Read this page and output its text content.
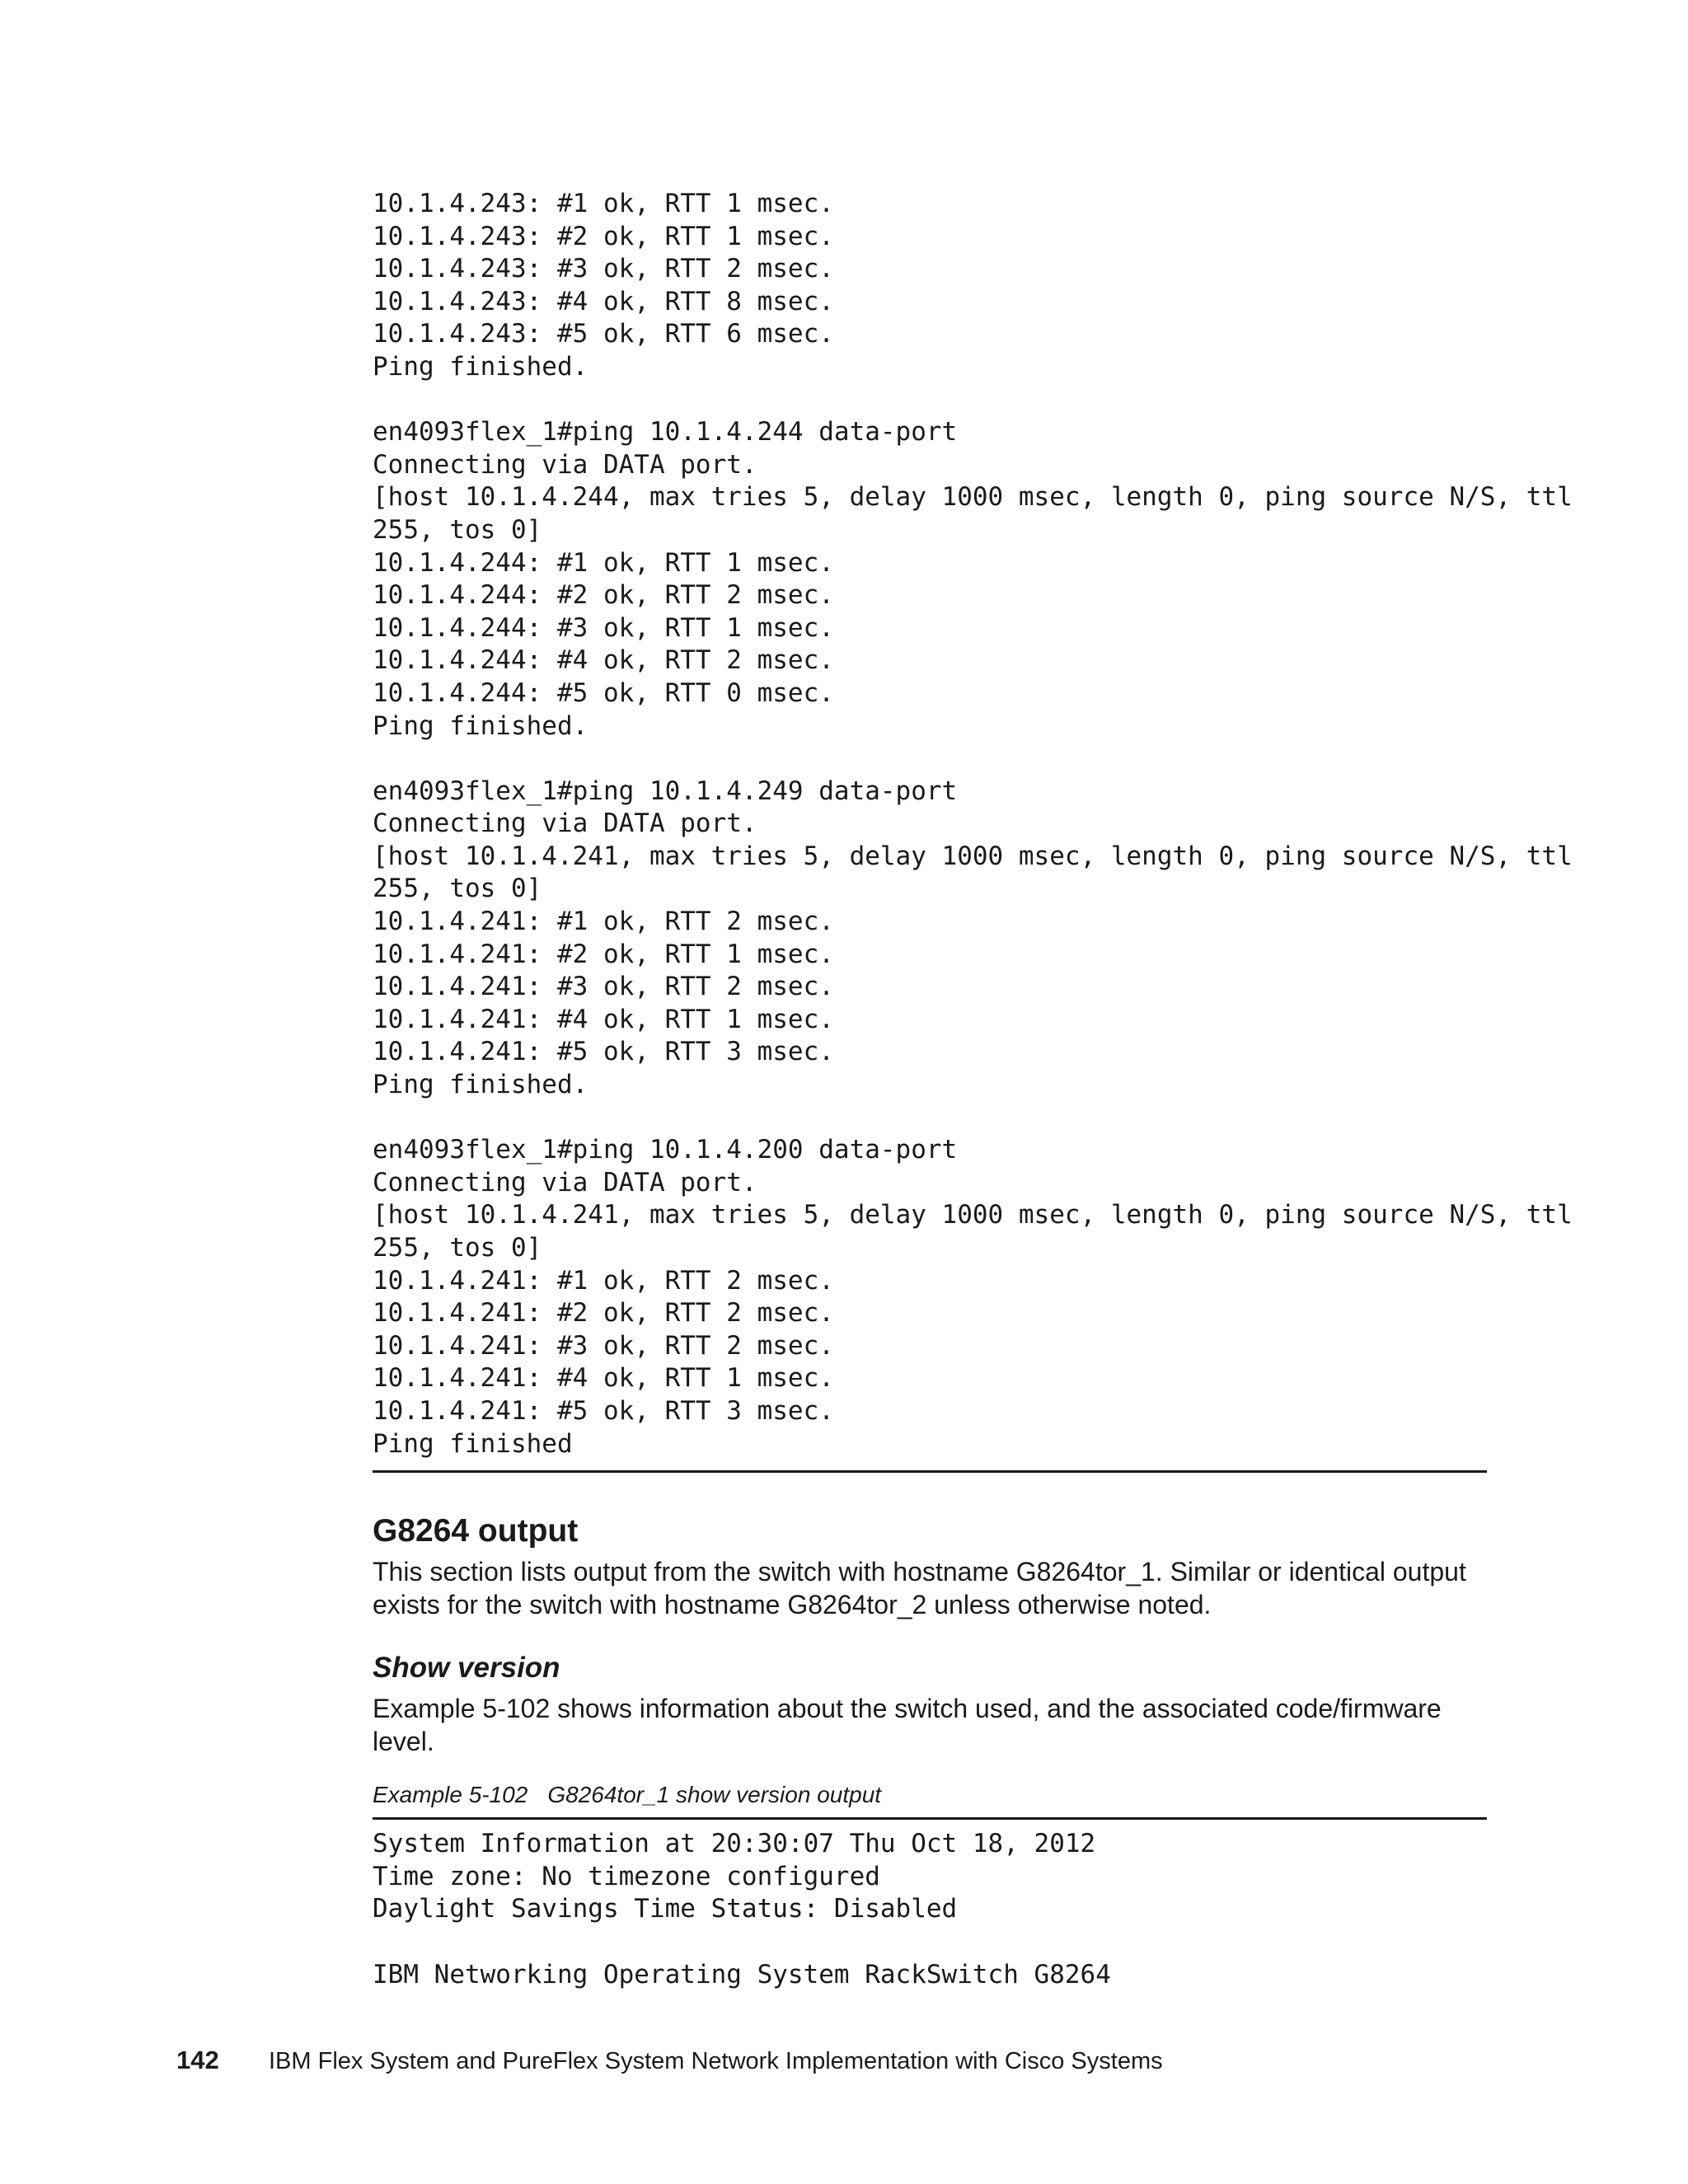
10.1.4.243: #1 ok, RTT 1 msec.
10.1.4.243: #2 ok, RTT 1 msec.
10.1.4.243: #3 ok, RTT 2 msec.
10.1.4.243: #4 ok, RTT 8 msec.
10.1.4.243: #5 ok, RTT 6 msec.
Ping finished.
en4093flex_1#ping 10.1.4.244 data-port
Connecting via DATA port.
[host 10.1.4.244, max tries 5, delay 1000 msec, length 0, ping source N/S, ttl
255, tos 0]
10.1.4.244: #1 ok, RTT 1 msec.
10.1.4.244: #2 ok, RTT 2 msec.
10.1.4.244: #3 ok, RTT 1 msec.
10.1.4.244: #4 ok, RTT 2 msec.
10.1.4.244: #5 ok, RTT 0 msec.
Ping finished.
en4093flex_1#ping 10.1.4.249 data-port
Connecting via DATA port.
[host 10.1.4.241, max tries 5, delay 1000 msec, length 0, ping source N/S, ttl
255, tos 0]
10.1.4.241: #1 ok, RTT 2 msec.
10.1.4.241: #2 ok, RTT 1 msec.
10.1.4.241: #3 ok, RTT 2 msec.
10.1.4.241: #4 ok, RTT 1 msec.
10.1.4.241: #5 ok, RTT 3 msec.
Ping finished.
en4093flex_1#ping 10.1.4.200 data-port
Connecting via DATA port.
[host 10.1.4.241, max tries 5, delay 1000 msec, length 0, ping source N/S, ttl
255, tos 0]
10.1.4.241: #1 ok, RTT 2 msec.
10.1.4.241: #2 ok, RTT 2 msec.
10.1.4.241: #3 ok, RTT 2 msec.
10.1.4.241: #4 ok, RTT 1 msec.
10.1.4.241: #5 ok, RTT 3 msec.
Ping finished
G8264 output

This section lists output from the switch with hostname G8264tor_1. Similar or identical output exists for the switch with hostname G8264tor_2 unless otherwise noted.

Show version

Example 5-102 shows information about the switch used, and the associated code/firmware level.

Example 5-102 G8264tor_1 show version output
System Information at 20:30:07 Thu Oct 18, 2012
Time zone: No timezone configured
Daylight Savings Time Status: Disabled
IBM Networking Operating System RackSwitch G8264
142 IBM Flex System and PureFlex System Network Implementation with Cisco Systems
